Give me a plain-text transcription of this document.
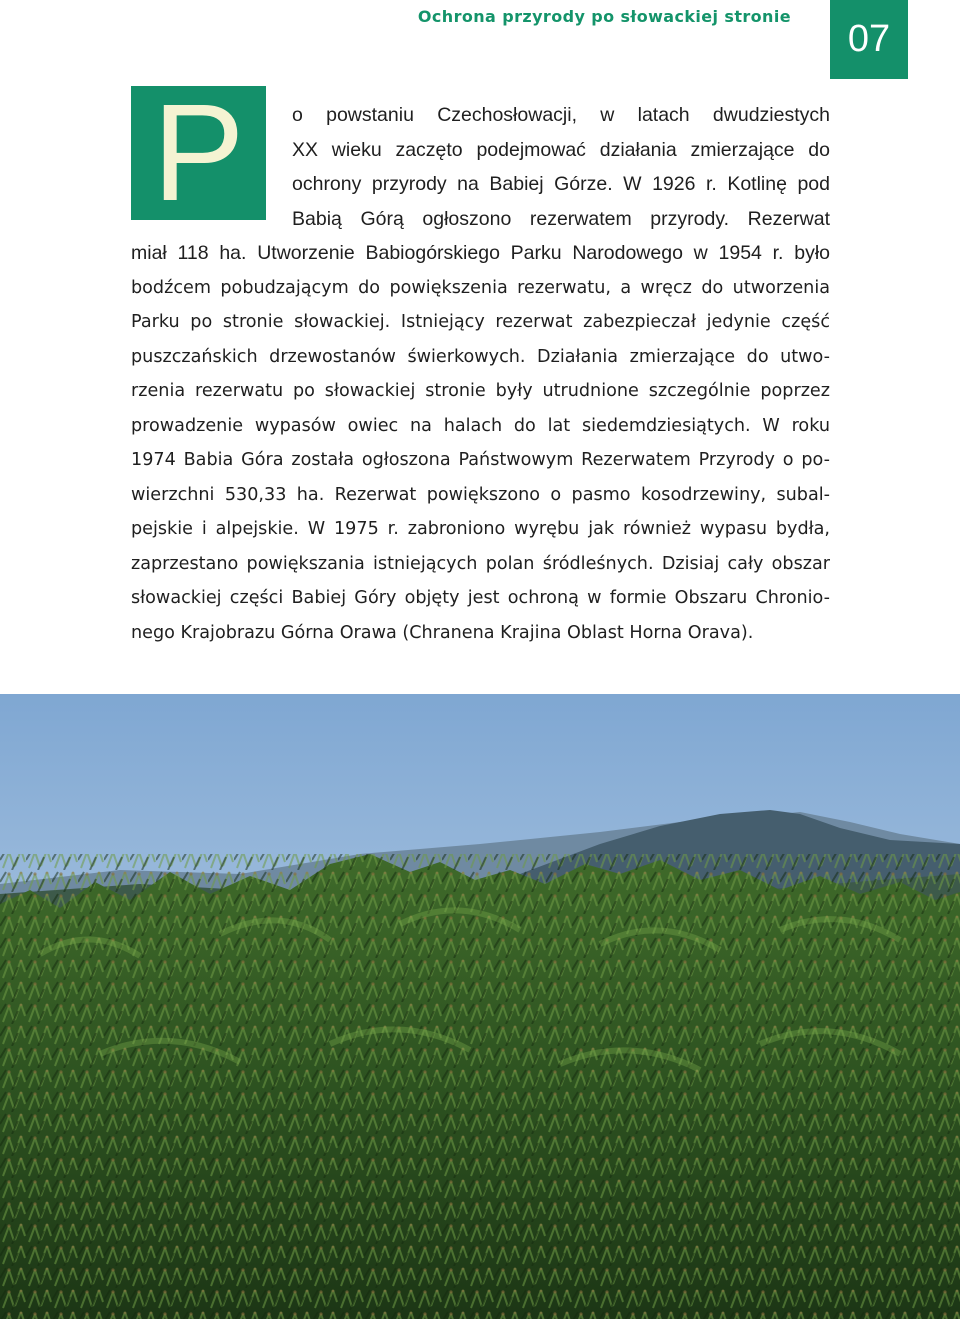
Ochrona przyrody po słowackiej stronie
07
P	o powstaniu Czechosłowacji, w latach dwudziestych
XX wieku zaczęto podejmować działania zmierzające do
ochrony przyrody na Babiej Górze. W 1926 r. Kotlinę pod
Babią Górą ogłoszono rezerwatem przyrody. Rezerwat
miał 118 ha. Utworzenie Babiogórskiego Parku Narodowego w 1954 r. było
bodźcem pobudzającym do powiększenia rezerwatu, a wręcz do utworzenia
Parku po stronie słowackiej. Istniejący rezerwat zabezpieczał jedynie część
puszczańskich drzewostanów świerkowych. Działania zmierzające do utwo-
rzenia rezerwatu po słowackiej stronie były utrudnione szczególnie poprzez
prowadzenie wypasów owiec na halach do lat siedemdziesiątych. W roku
1974 Babia Góra została ogłoszona Państwowym Rezerwatem Przyrody o po-
wierzchni 530,33 ha. Rezerwat powiększono o pasmo kosodrzewiny, subal-
pejskie i alpejskie. W 1975 r. zabroniono wyrębu jak również wypasu bydła,
zaprzestano powiększania istniejących polan śródleśnych. Dzisiaj cały obszar
słowackiej części Babiej Góry objęty jest ochroną w formie Obszaru Chronio-
nego Krajobrazu Górna Orawa (Chranena Krajina Oblast Horna Orava).
